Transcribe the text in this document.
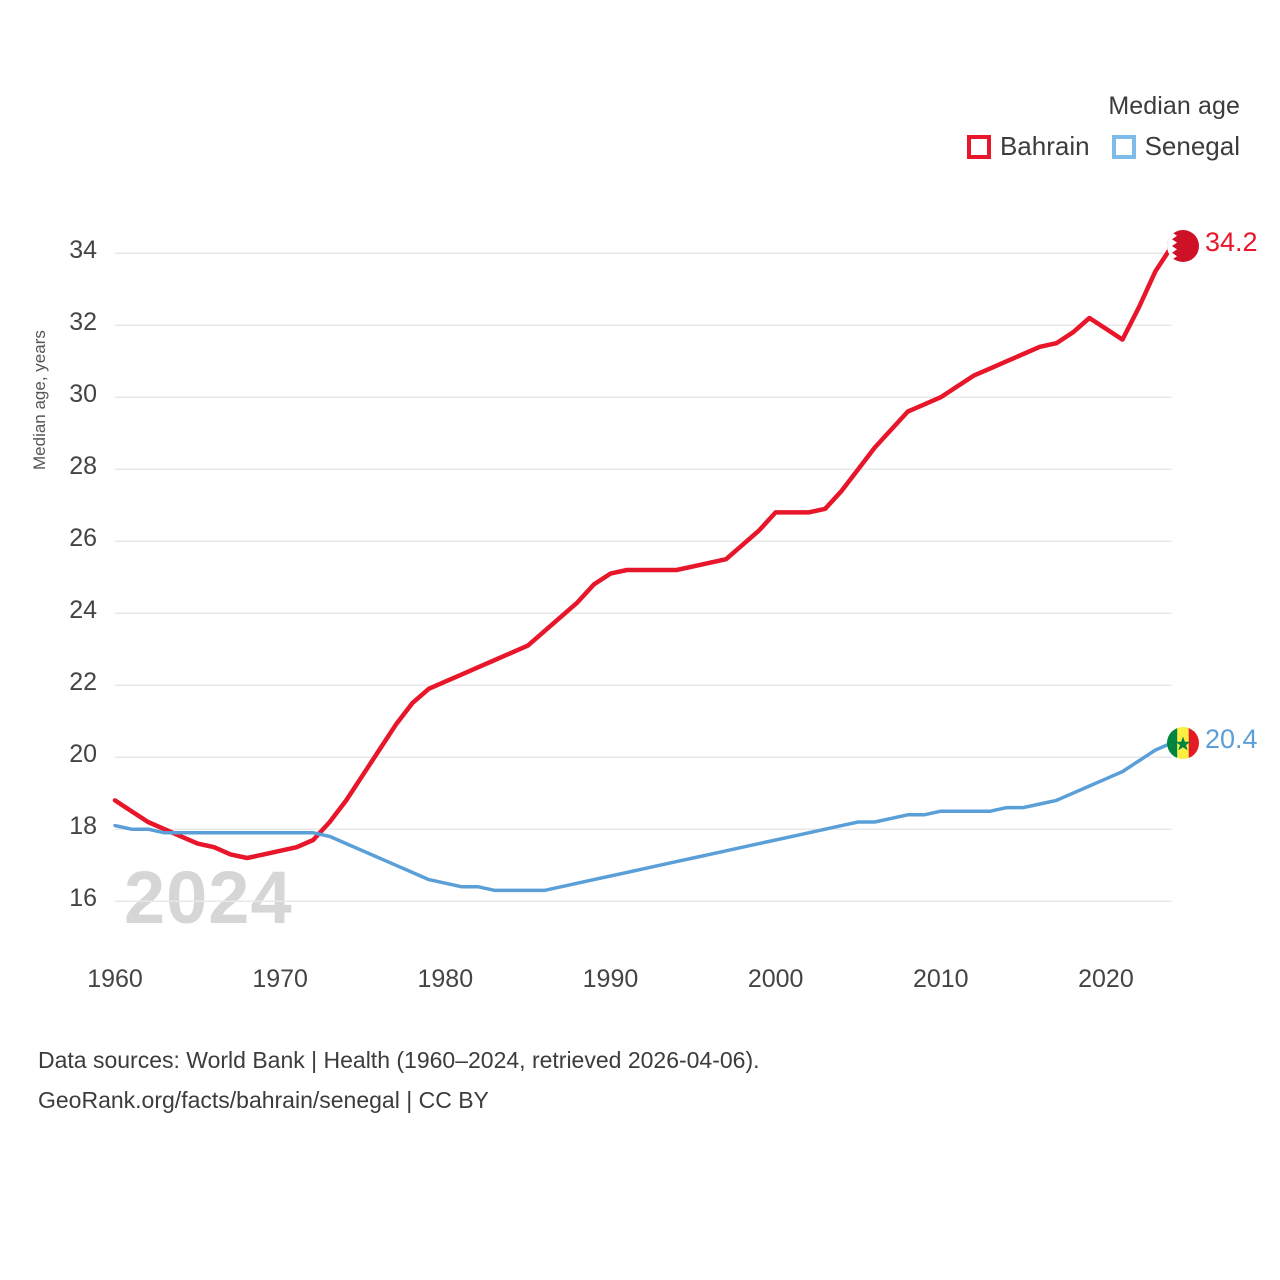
Median age
Bahrain Senegal
2024
Median age, years
16
18
20
22
24
26
28
30
32
34
1960	1970	1980	1990	2000	2010	2020
34.2
20.4
Data sources: World Bank | Health (1960–2024, retrieved 2026-04-06).
GeoRank.org/facts/bahrain/senegal | CC BY
